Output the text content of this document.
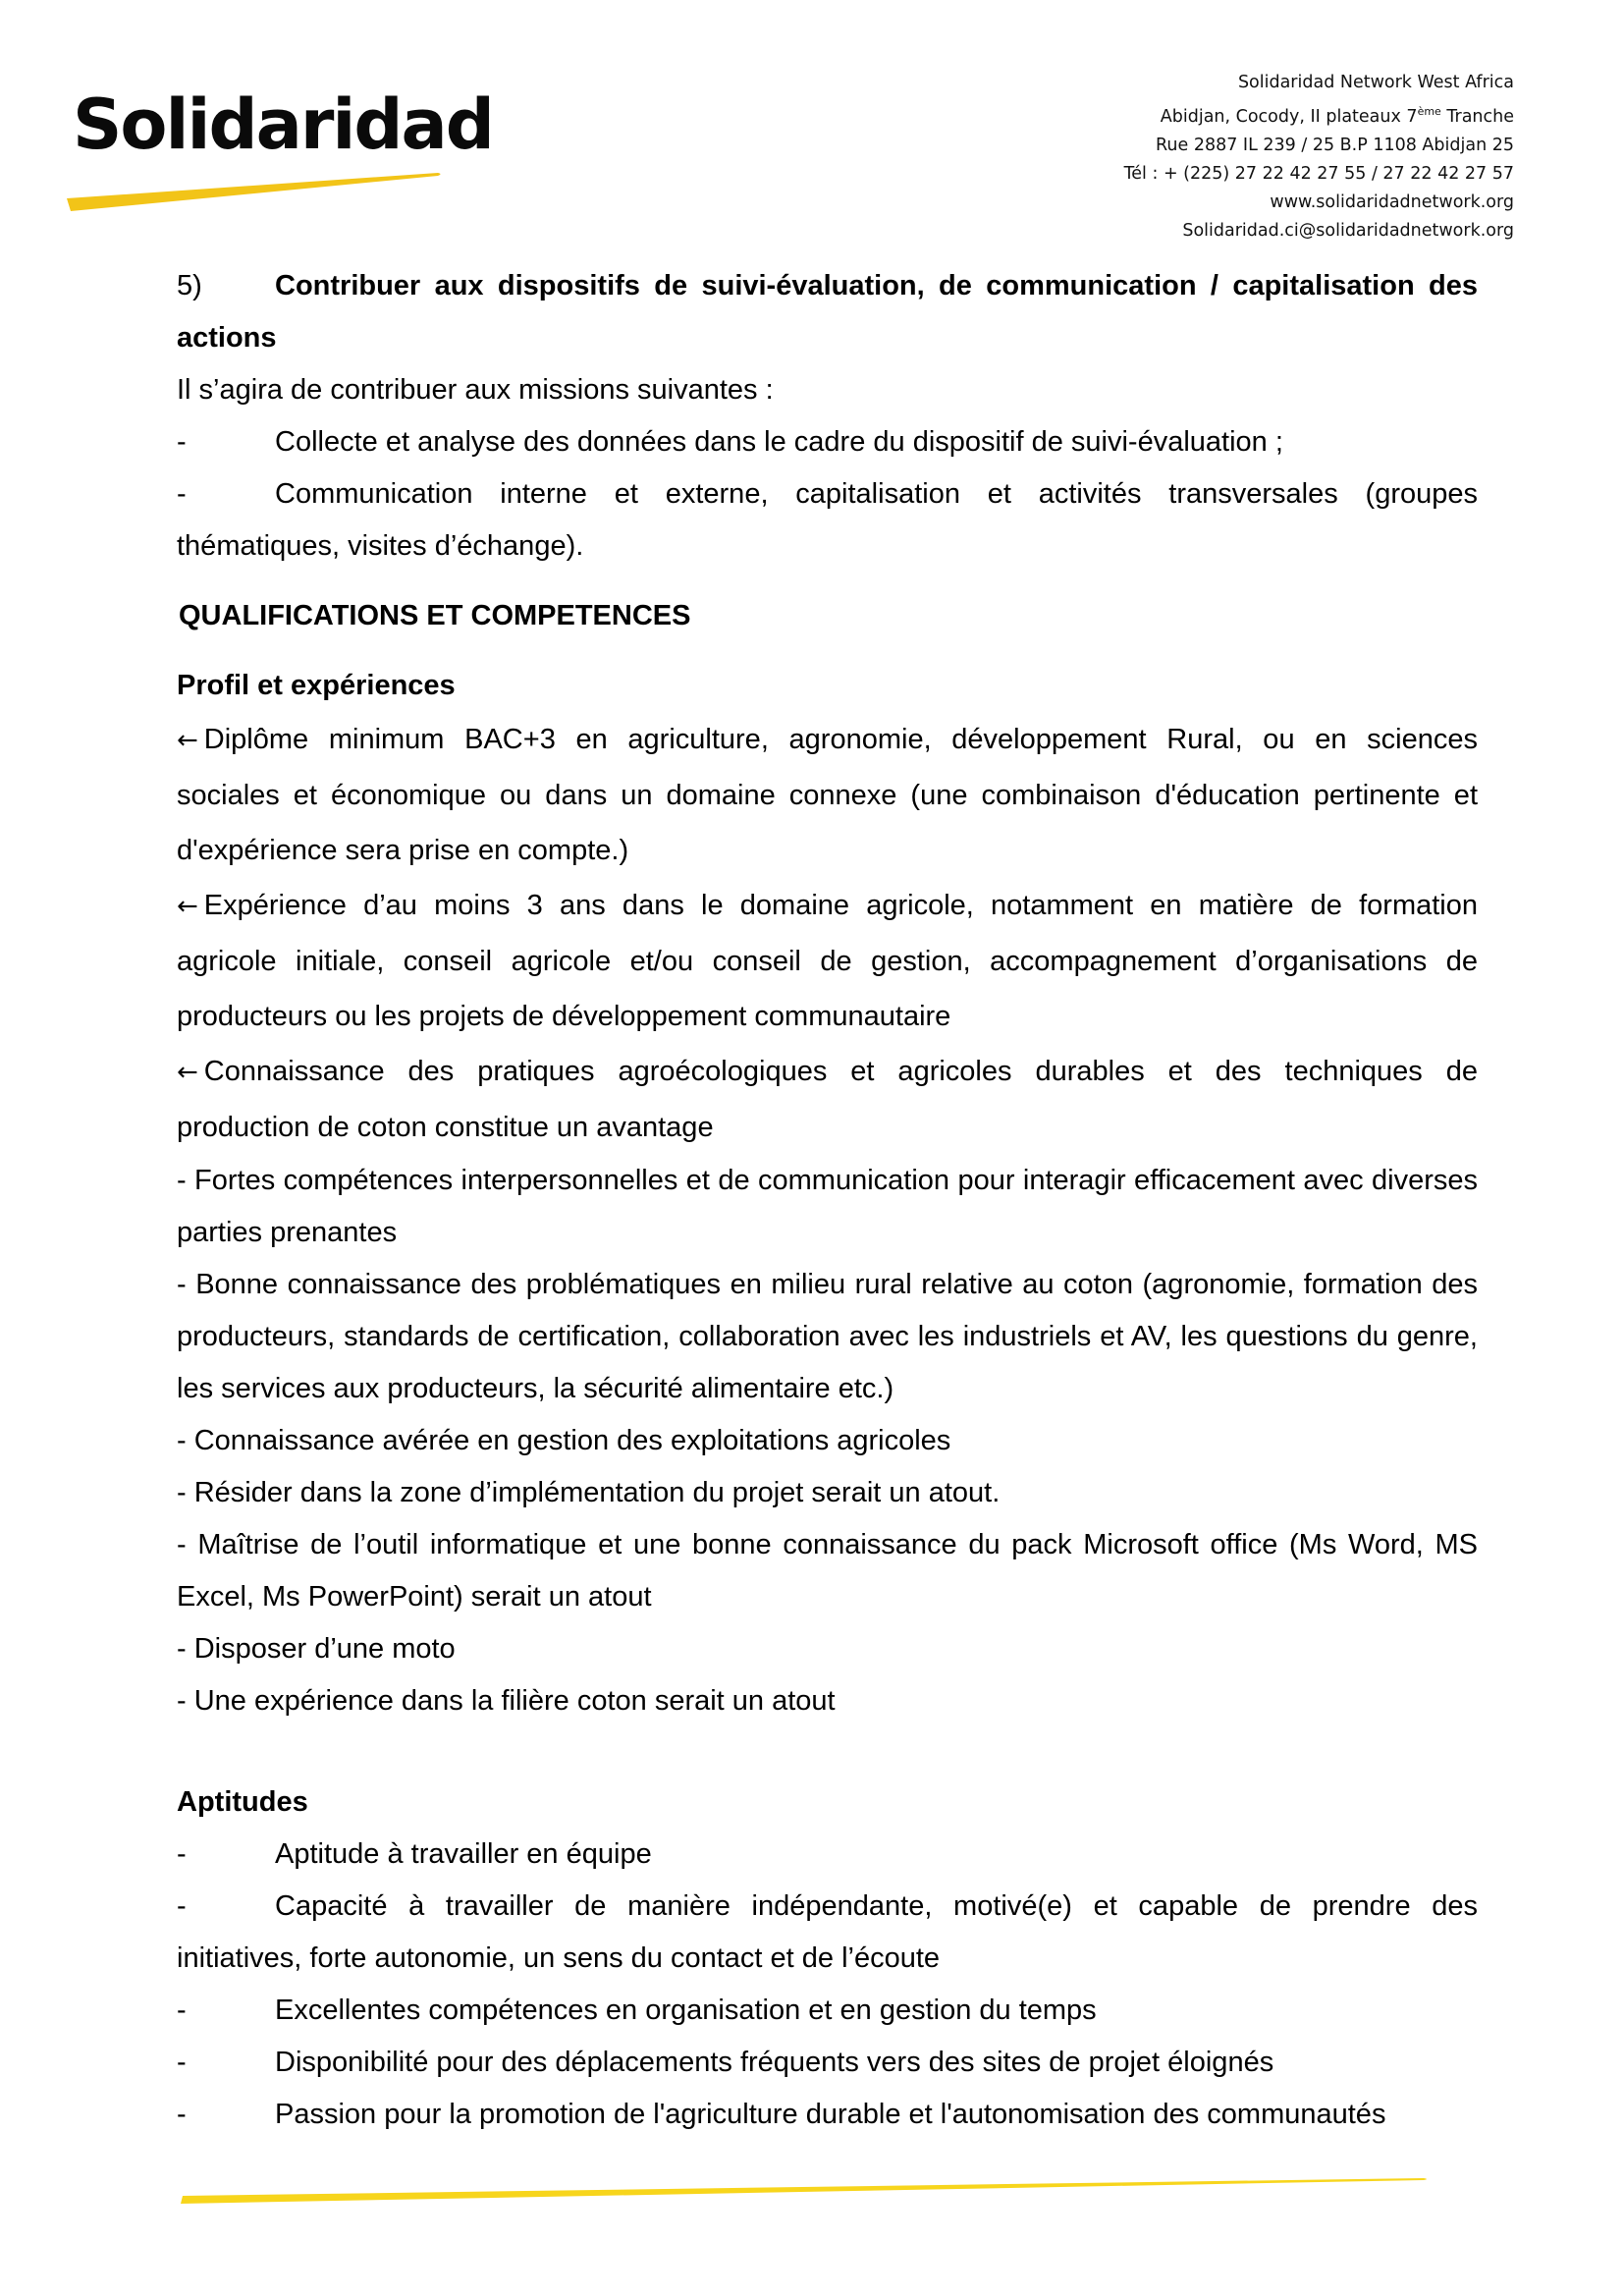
Solidaridad
Solidaridad Network West Africa
Abidjan, Cocody, II plateaux 7ème Tranche
Rue 2887 IL 239 / 25 B.P 1108 Abidjan 25
Tél : + (225) 27 22 42 27 55 / 27 22 42 27 57
www.solidaridadnetwork.org
Solidaridad.ci@solidaridadnetwork.org
5)	Contribuer aux dispositifs de suivi-évaluation, de communication / capitalisation des

actions

Il s’agira de contribuer aux missions suivantes :

-	Collecte et analyse des données dans le cadre du dispositif de suivi-évaluation ;
-	Communication interne et externe, capitalisation et activités transversales (groupes

thématiques, visites d’échange).

QUALIFICATIONS ET COMPETENCES

Profil et expériences

← Diplôme minimum BAC+3 en agriculture, agronomie, développement Rural, ou en sciences

sociales et économique ou dans un domaine connexe (une combinaison d'éducation pertinente et d'expérience sera prise en compte.)

← Expérience d’au moins 3 ans dans le domaine agricole, notamment en matière de formation

agricole initiale, conseil agricole et/ou conseil de gestion, accompagnement d’organisations de producteurs ou les projets de développement communautaire

← Connaissance des pratiques agroécologiques et agricoles durables et des techniques de

production de coton constitue un avantage

- Fortes compétences interpersonnelles et de communication pour interagir efficacement avec diverses parties prenantes

- Bonne connaissance des problématiques en milieu rural relative au coton (agronomie, formation des producteurs, standards de certification, collaboration avec les industriels et AV, les questions du genre, les services aux producteurs, la sécurité alimentaire etc.)

- Connaissance avérée en gestion des exploitations agricoles

- Résider dans la zone d’implémentation du projet serait un atout.

- Maîtrise de l’outil informatique et une bonne connaissance du pack Microsoft office (Ms Word, MS Excel, Ms PowerPoint) serait un atout

- Disposer d’une moto

- Une expérience dans la filière coton serait un atout

Aptitudes

-	Aptitude à travailler en équipe
-	Capacité à travailler de manière indépendante, motivé(e) et capable de prendre des

initiatives, forte autonomie, un sens du contact et de l’écoute

-	Excellentes compétences en organisation et en gestion du temps
-	Disponibilité pour des déplacements fréquents vers des sites de projet éloignés
-	Passion pour la promotion de l'agriculture durable et l'autonomisation des communautés
